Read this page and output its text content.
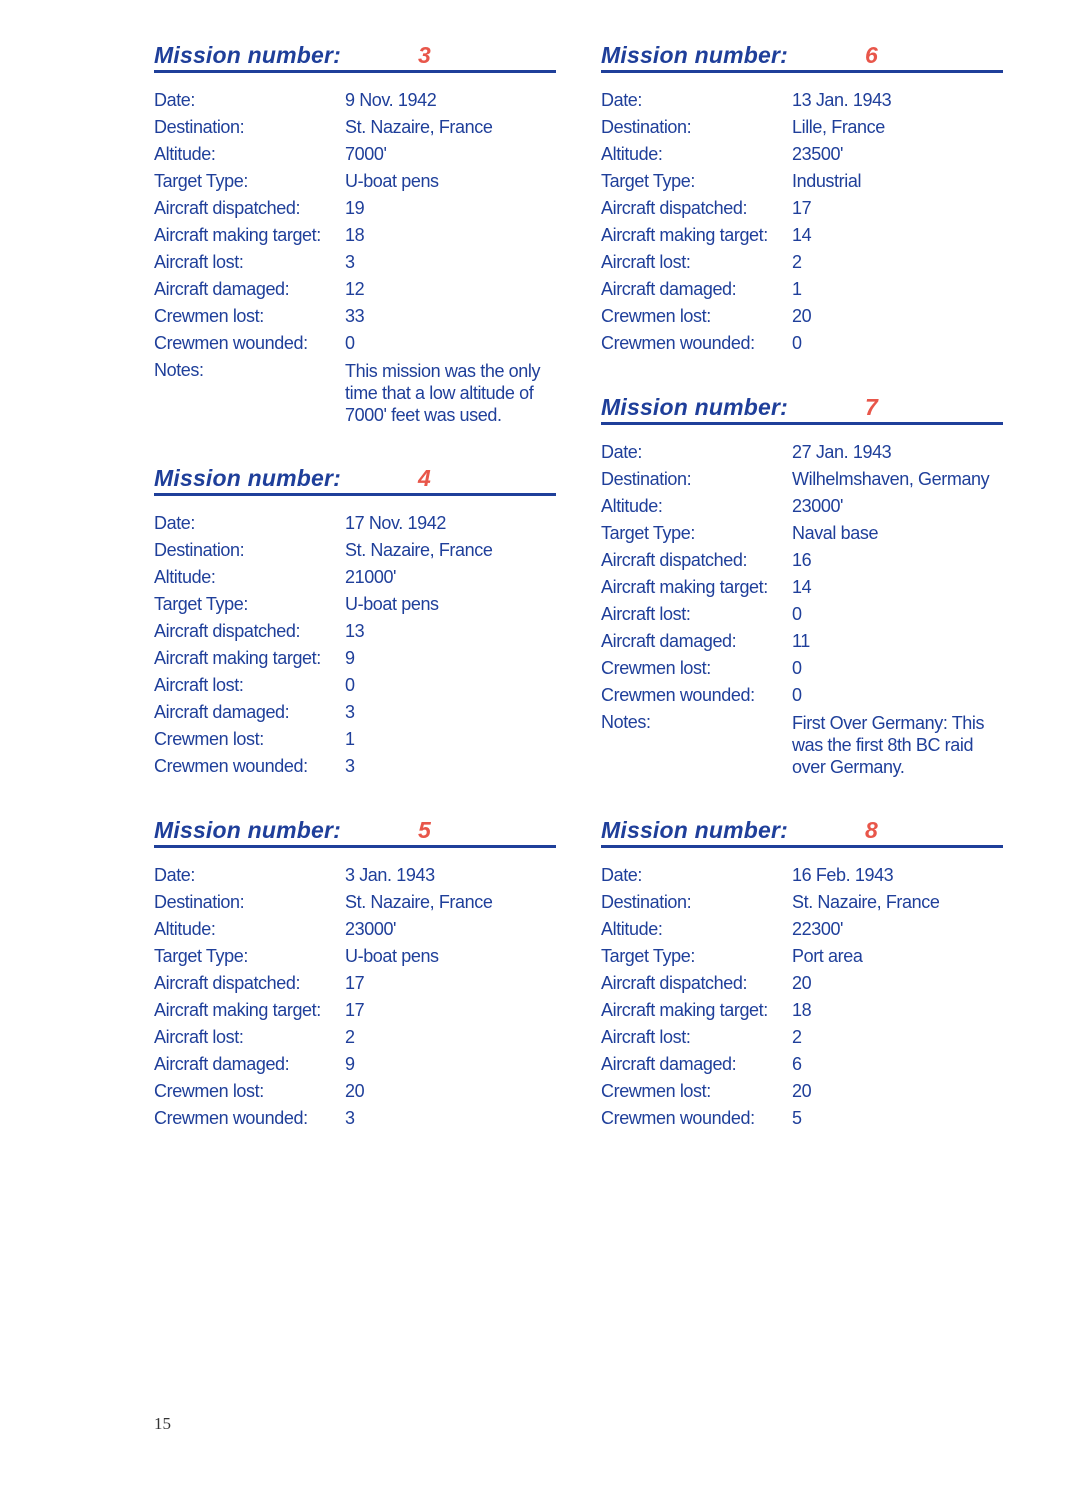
Mission number:	3
Date:	9 Nov. 1942
Destination:	St. Nazaire, France
Altitude:	7000'
Target Type:	U-boat pens
Aircraft dispatched:	19
Aircraft making target:	18
Aircraft lost:	3
Aircraft damaged:	12
Crewmen lost:	33
Crewmen wounded:	0
Notes:	This mission was the only time that a low altitude of 7000' feet was used.
Mission number:	4
Date:	17 Nov. 1942
Destination:	St. Nazaire, France
Altitude:	21000'
Target Type:	U-boat pens
Aircraft dispatched:	13
Aircraft making target:	9
Aircraft lost:	0
Aircraft damaged:	3
Crewmen lost:	1
Crewmen wounded:	3
Mission number:	5
Date:	3 Jan. 1943
Destination:	St. Nazaire, France
Altitude:	23000'
Target Type:	U-boat pens
Aircraft dispatched:	17
Aircraft making target:	17
Aircraft lost:	2
Aircraft damaged:	9
Crewmen lost:	20
Crewmen wounded:	3
Mission number:	6
Date:	13 Jan. 1943
Destination:	Lille, France
Altitude:	23500'
Target Type:	Industrial
Aircraft dispatched:	17
Aircraft making target:	14
Aircraft lost:	2
Aircraft damaged:	1
Crewmen lost:	20
Crewmen wounded:	0
Mission number:	7
Date:	27 Jan. 1943
Destination:	Wilhelmshaven, Germany
Altitude:	23000'
Target Type:	Naval base
Aircraft dispatched:	16
Aircraft making target:	14
Aircraft lost:	0
Aircraft damaged:	11
Crewmen lost:	0
Crewmen wounded:	0
Notes:	First Over Germany: This was the first 8th BC raid over Germany.
Mission number:	8
Date:	16 Feb. 1943
Destination:	St. Nazaire, France
Altitude:	22300'
Target Type:	Port area
Aircraft dispatched:	20
Aircraft making target:	18
Aircraft lost:	2
Aircraft damaged:	6
Crewmen lost:	20
Crewmen wounded:	5
15
